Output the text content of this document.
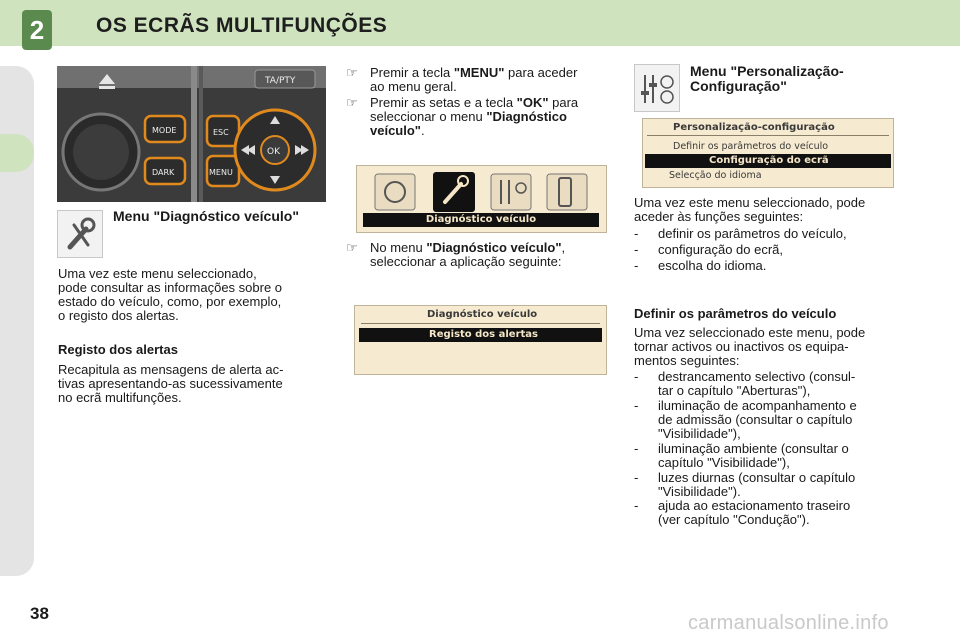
2	OS ECRÃS MULTIFUNÇÕES
TA/PTY
MODE
DARK
ESC
MENU
OK
Menu "Diagnóstico veículo"
Uma vez este menu seleccionado,
pode consultar as informações sobre o
estado do veículo, como, por exemplo,
o registo dos alertas.
Registo dos alertas
Recapitula as mensagens de alerta ac-
tivas apresentando-as sucessivamente
no ecrã multifunções.
☞ Premir a tecla "MENU" para aceder
ao menu geral.
☞ Premir as setas e a tecla "OK" para
seleccionar o menu "Diagnóstico
veículo".
Diagnóstico veículo
☞ No menu "Diagnóstico veículo",
seleccionar a aplicação seguinte:
Diagnóstico veículo
Registo dos alertas
Menu "Personalização-
Configuração"
Personalização-configuração
Definir os parâmetros do veículo
Configuração do ecrã
Selecção do idioma
Uma vez este menu seleccionado, pode
aceder às funções seguintes:
- definir os parâmetros do veículo,
- configuração do ecrã,
- escolha do idioma.
Definir os parâmetros do veículo
Uma vez seleccionado este menu, pode
tornar activos ou inactivos os equipa-
mentos seguintes:
- destrancamento selectivo (consul-
tar o capítulo "Aberturas"),
- iluminação de acompanhamento e
de admissão (consultar o capítulo
"Visibilidade"),
- iluminação ambiente (consultar o
capítulo "Visibilidade"),
- luzes diurnas (consultar o capítulo
"Visibilidade").
- ajuda ao estacionamento traseiro
(ver capítulo "Condução").
38	carmanualsonline.info
